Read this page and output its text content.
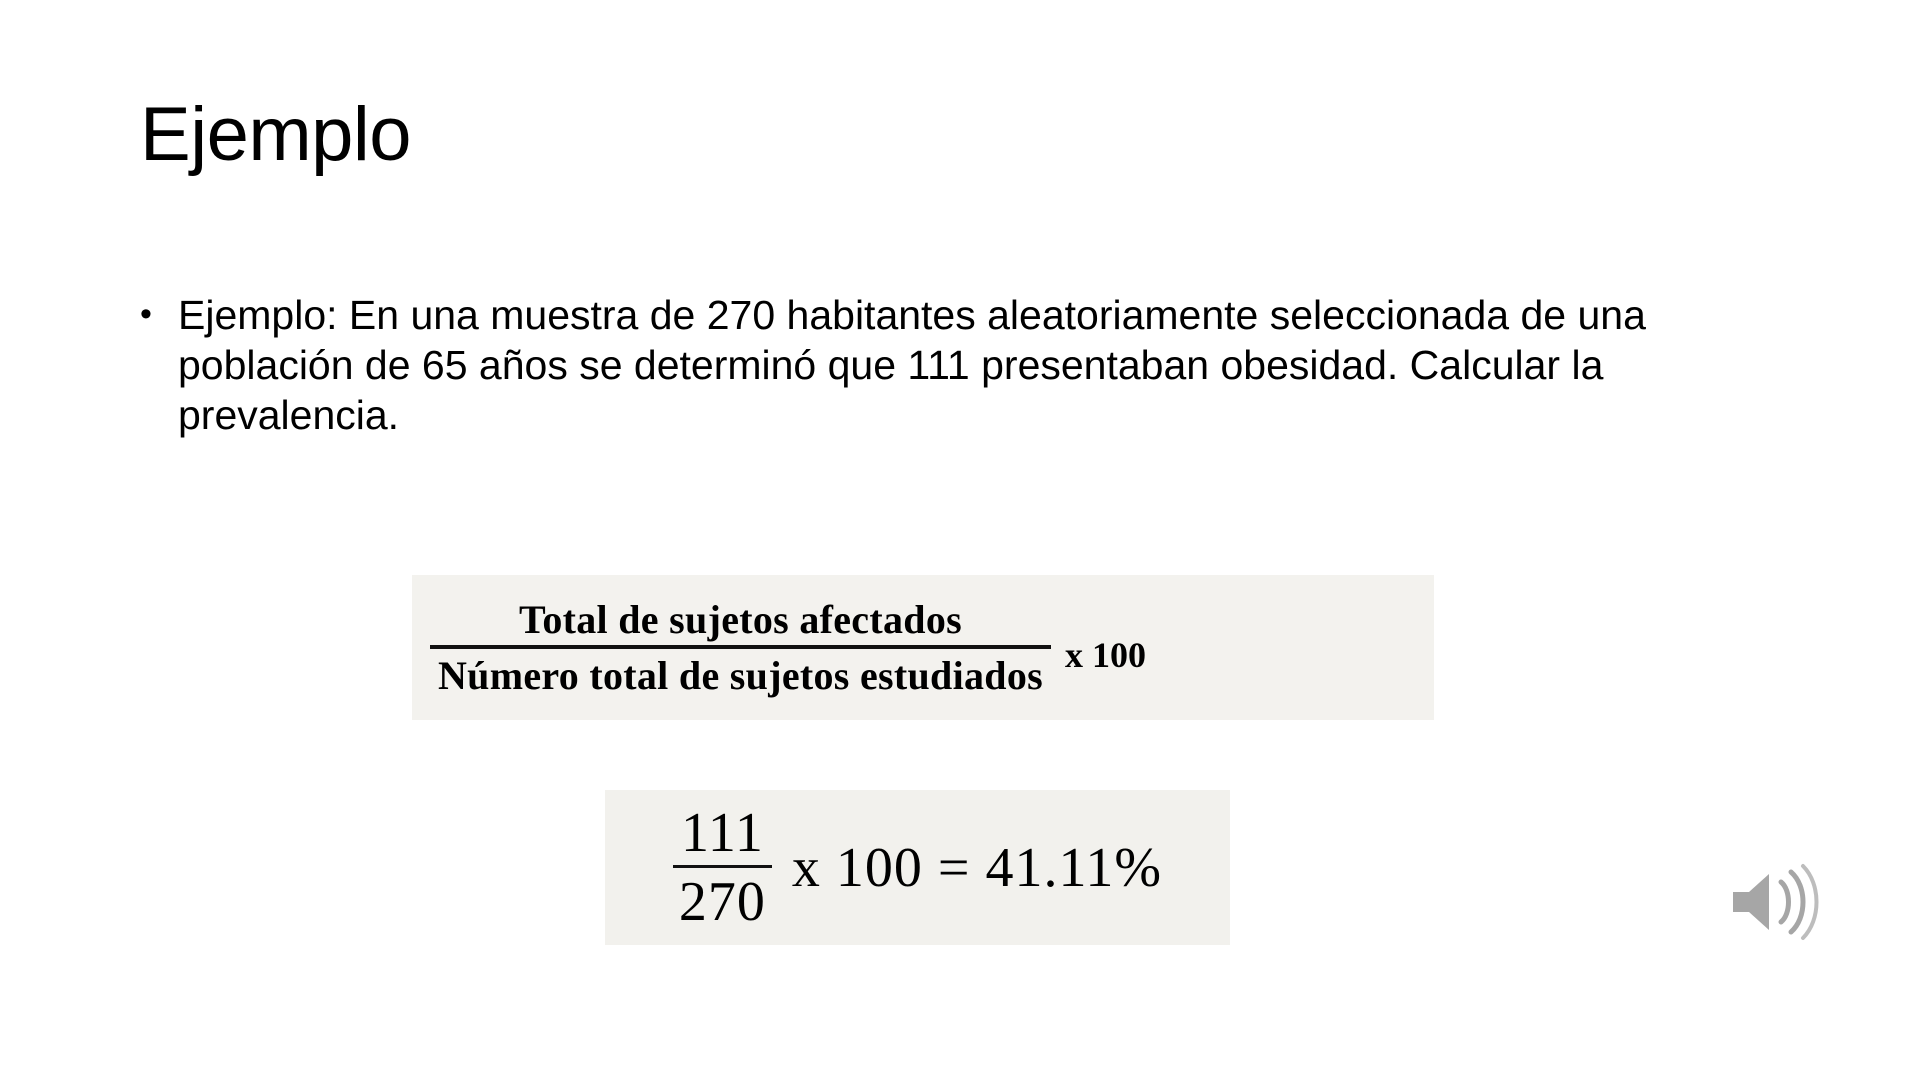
Ejemplo
• Ejemplo: En una muestra de 270 habitantes aleatoriamente seleccionada de una población de 65 años se determinó que 111 presentaban obesidad. Calcular la prevalencia.
$\frac{\text{Total de sujetos afectados}}{\text{Número total de sujetos estudiados}}$ x 100
$\frac{111}{270}$ x 100 = 41.11%
